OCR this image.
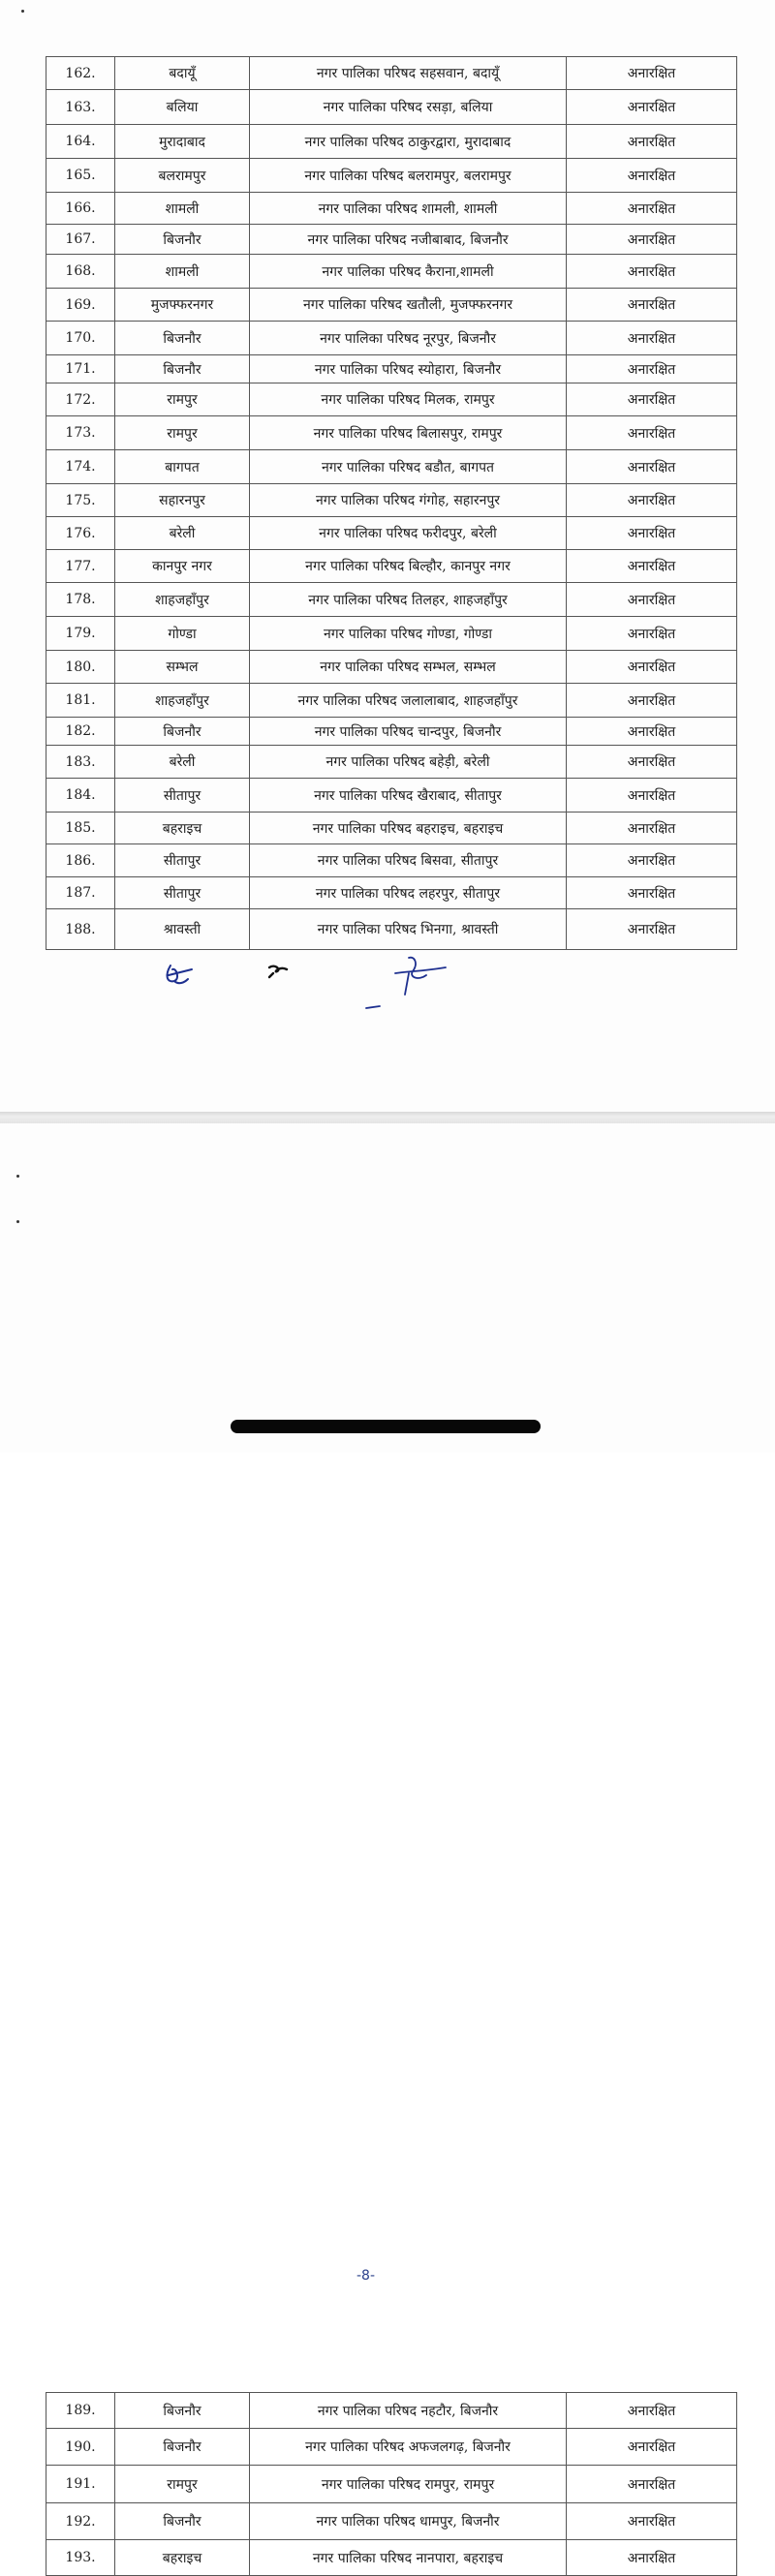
162.	बदायूँ	नगर पालिका परिषद सहसवान, बदायूँ	अनारक्षित
163.	बलिया	नगर पालिका परिषद रसड़ा, बलिया	अनारक्षित
164.	मुरादाबाद	नगर पालिका परिषद ठाकुरद्वारा, मुरादाबाद	अनारक्षित
165.	बलरामपुर	नगर पालिका परिषद बलरामपुर, बलरामपुर	अनारक्षित
166.	शामली	नगर पालिका परिषद शामली, शामली	अनारक्षित
167.	बिजनौर	नगर पालिका परिषद नजीबाबाद, बिजनौर	अनारक्षित
168.	शामली	नगर पालिका परिषद कैराना,शामली	अनारक्षित
169.	मुजफ्फरनगर	नगर पालिका परिषद खतौली, मुजफ्फरनगर	अनारक्षित
170.	बिजनौर	नगर पालिका परिषद नूरपुर, बिजनौर	अनारक्षित
171.	बिजनौर	नगर पालिका परिषद स्योहारा, बिजनौर	अनारक्षित
172.	रामपुर	नगर पालिका परिषद मिलक, रामपुर	अनारक्षित
173.	रामपुर	नगर पालिका परिषद बिलासपुर, रामपुर	अनारक्षित
174.	बागपत	नगर पालिका परिषद बडौत, बागपत	अनारक्षित
175.	सहारनपुर	नगर पालिका परिषद गंगोह, सहारनपुर	अनारक्षित
176.	बरेली	नगर पालिका परिषद फरीदपुर, बरेली	अनारक्षित
177.	कानपुर नगर	नगर पालिका परिषद बिल्हौर, कानपुर नगर	अनारक्षित
178.	शाहजहाँपुर	नगर पालिका परिषद तिलहर, शाहजहाँपुर	अनारक्षित
179.	गोण्डा	नगर पालिका परिषद गोण्डा, गोण्डा	अनारक्षित
180.	सम्भल	नगर पालिका परिषद सम्भल, सम्भल	अनारक्षित
181.	शाहजहाँपुर	नगर पालिका परिषद जलालाबाद, शाहजहाँपुर	अनारक्षित
182.	बिजनौर	नगर पालिका परिषद चान्दपुर, बिजनौर	अनारक्षित
183.	बरेली	नगर पालिका परिषद बहेड़ी, बरेली	अनारक्षित
184.	सीतापुर	नगर पालिका परिषद खैराबाद, सीतापुर	अनारक्षित
185.	बहराइच	नगर पालिका परिषद बहराइच, बहराइच	अनारक्षित
186.	सीतापुर	नगर पालिका परिषद बिसवा, सीतापुर	अनारक्षित
187.	सीतापुर	नगर पालिका परिषद लहरपुर, सीतापुर	अनारक्षित
188.	श्रावस्ती	नगर पालिका परिषद भिनगा, श्रावस्ती	अनारक्षित
-8-
189.	बिजनौर	नगर पालिका परिषद नहटौर, बिजनौर	अनारक्षित
190.	बिजनौर	नगर पालिका परिषद अफजलगढ़, बिजनौर	अनारक्षित
191.	रामपुर	नगर पालिका परिषद रामपुर, रामपुर	अनारक्षित
192.	बिजनौर	नगर पालिका परिषद धामपुर, बिजनौर	अनारक्षित
193.	बहराइच	नगर पालिका परिषद नानपारा, बहराइच	अनारक्षित
